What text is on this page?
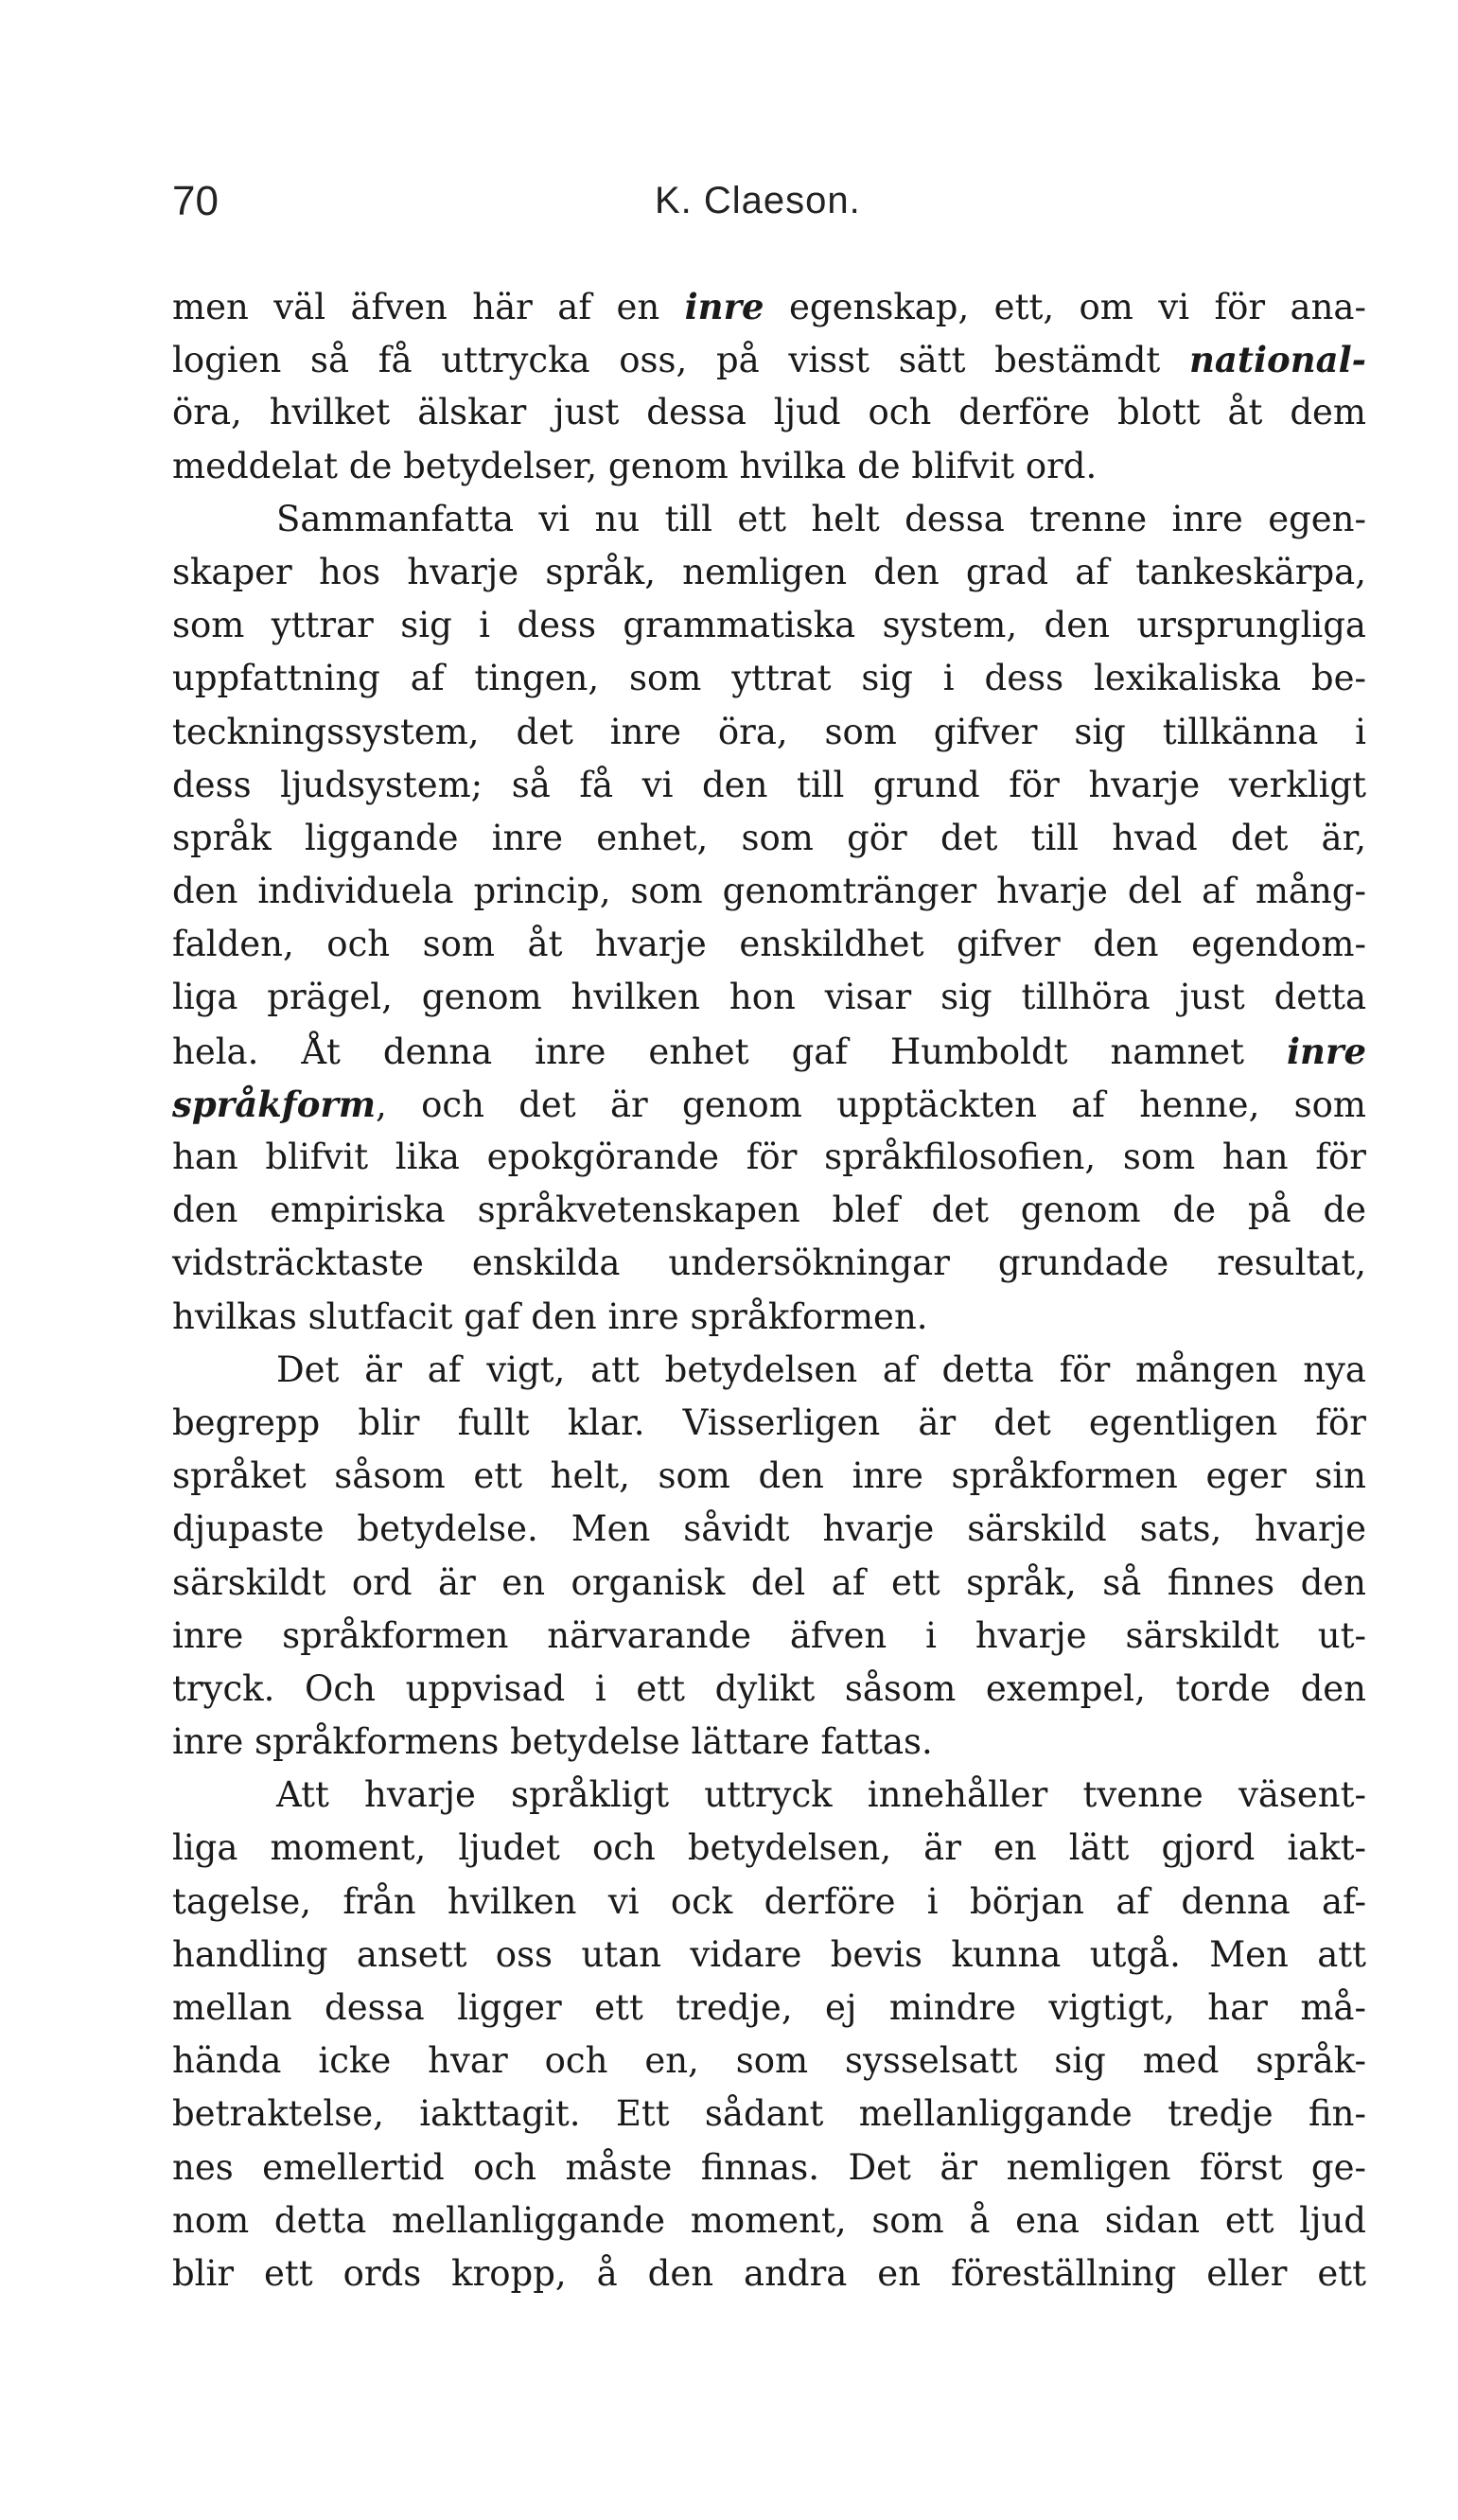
70	K. Claeson.
men väl äfven här af en inre egenskap, ett, om vi för ana-
logien så få uttrycka oss, på visst sätt bestämdt national-
öra, hvilket älskar just dessa ljud och derföre blott åt dem
meddelat de betydelser, genom hvilka de blifvit ord.
Sammanfatta vi nu till ett helt dessa trenne inre egen-
skaper hos hvarje språk, nemligen den grad af tankeskärpa,
som yttrar sig i dess grammatiska system, den ursprungliga
uppfattning af tingen, som yttrat sig i dess lexikaliska be-
teckningssystem, det inre öra, som gifver sig tillkänna i
dess ljudsystem; så få vi den till grund för hvarje verkligt
språk liggande inre enhet, som gör det till hvad det är,
den individuela princip, som genomtränger hvarje del af mång-
falden, och som åt hvarje enskildhet gifver den egendom-
liga prägel, genom hvilken hon visar sig tillhöra just detta
hela. Åt denna inre enhet gaf Humboldt namnet inre
språkform, och det är genom upptäckten af henne, som
han blifvit lika epokgörande för språkfilosofien, som han för
den empiriska språkvetenskapen blef det genom de på de
vidsträcktaste enskilda undersökningar grundade resultat,
hvilkas slutfacit gaf den inre språkformen.
Det är af vigt, att betydelsen af detta för mången nya
begrepp blir fullt klar. Visserligen är det egentligen för
språket såsom ett helt, som den inre språkformen eger sin
djupaste betydelse. Men såvidt hvarje särskild sats, hvarje
särskildt ord är en organisk del af ett språk, så finnes den
inre språkformen närvarande äfven i hvarje särskildt ut-
tryck. Och uppvisad i ett dylikt såsom exempel, torde den
inre språkformens betydelse lättare fattas.
Att hvarje språkligt uttryck innehåller tvenne väsent-
liga moment, ljudet och betydelsen, är en lätt gjord iakt-
tagelse, från hvilken vi ock derföre i början af denna af-
handling ansett oss utan vidare bevis kunna utgå. Men att
mellan dessa ligger ett tredje, ej mindre vigtigt, har må-
hända icke hvar och en, som sysselsatt sig med språk-
betraktelse, iakttagit. Ett sådant mellanliggande tredje fin-
nes emellertid och måste finnas. Det är nemligen först ge-
nom detta mellanliggande moment, som å ena sidan ett ljud
blir ett ords kropp, å den andra en föreställning eller ett
